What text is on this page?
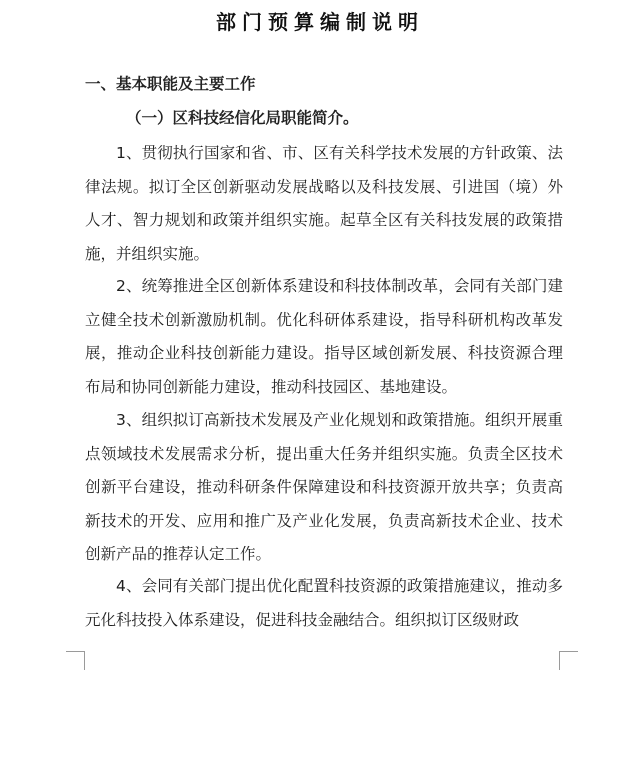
部门预算编制说明
一、基本职能及主要工作
（一）区科技经信化局职能简介。
1、贯彻执行国家和省、市、区有关科学技术发展的方针政策、法律法规。拟订全区创新驱动发展战略以及科技发展、引进国（境）外人才、智力规划和政策并组织实施。起草全区有关科技发展的政策措施，并组织实施。
2、统筹推进全区创新体系建设和科技体制改革，会同有关部门建立健全技术创新激励机制。优化科研体系建设，指导科研机构改革发展，推动企业科技创新能力建设。指导区域创新发展、科技资源合理布局和协同创新能力建设，推动科技园区、基地建设。
3、组织拟订高新技术发展及产业化规划和政策措施。组织开展重点领域技术发展需求分析，提出重大任务并组织实施。负责全区技术创新平台建设，推动科研条件保障建设和科技资源开放共享；负责高新技术的开发、应用和推广及产业化发展，负责高新技术企业、技术创新产品的推荐认定工作。
4、会同有关部门提出优化配置科技资源的政策措施建议，推动多元化科技投入体系建设，促进科技金融结合。组织拟订区级财政
